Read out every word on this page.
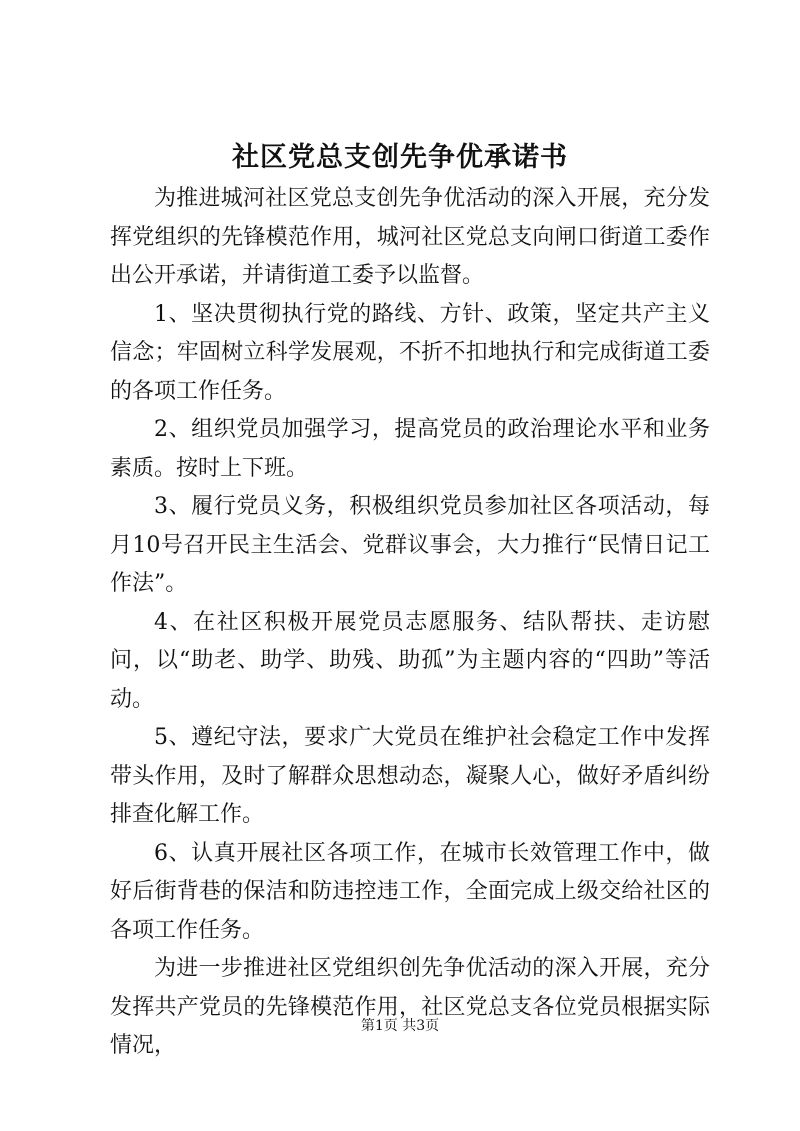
社区党总支创先争优承诺书

为推进城河社区党总支创先争优活动的深入开展，充分发挥党组织的先锋模范作用，城河社区党总支向闸口街道工委作出公开承诺，并请街道工委予以监督。

1、坚决贯彻执行党的路线、方针、政策，坚定共产主义信念；牢固树立科学发展观，不折不扣地执行和完成街道工委的各项工作任务。

2、组织党员加强学习，提高党员的政治理论水平和业务素质。按时上下班。

3、履行党员义务，积极组织党员参加社区各项活动，每月10号召开民主生活会、党群议事会，大力推行“民情日记工作法”。

4、在社区积极开展党员志愿服务、结队帮扶、走访慰问，以“助老、助学、助残、助孤”为主题内容的“四助”等活动。

5、遵纪守法，要求广大党员在维护社会稳定工作中发挥带头作用，及时了解群众思想动态，凝聚人心，做好矛盾纠纷排查化解工作。

6、认真开展社区各项工作，在城市长效管理工作中，做好后街背巷的保洁和防违控违工作，全面完成上级交给社区的各项工作任务。

为进一步推进社区党组织创先争优活动的深入开展，充分发挥共产党员的先锋模范作用，社区党总支各位党员根据实际情况，

第1页 共3页
